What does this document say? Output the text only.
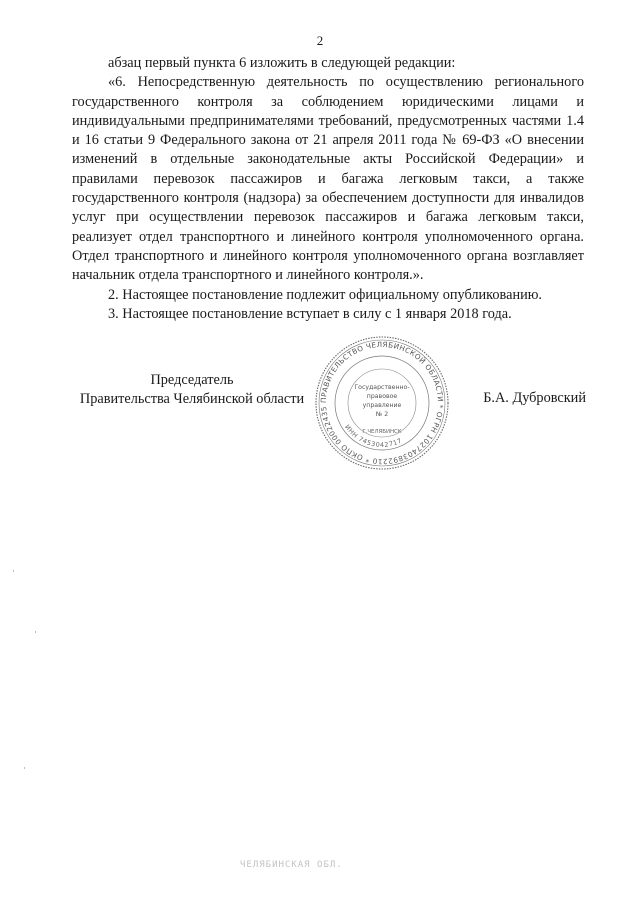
2

абзац первый пункта 6 изложить в следующей редакции:

«6. Непосредственную деятельность по осуществлению регионального государственного контроля за соблюдением юридическими лицами и индивидуальными предпринимателями требований, предусмотренных частями 1.4 и 16 статьи 9 Федерального закона от 21 апреля 2011 года № 69-ФЗ «О внесении изменений в отдельные законодательные акты Российской Федерации» и правилами перевозок пассажиров и багажа легковым такси, а также государственного контроля (надзора) за обеспечением доступности для инвалидов услуг при осуществлении перевозок пассажиров и багажа легковым такси, реализует отдел транспортного и линейного контроля уполномоченного органа. Отдел транспортного и линейного контроля уполномоченного органа возглавляет начальник отдела транспортного и линейного контроля.».

2. Настоящее постановление подлежит официальному опубликованию.

3. Настоящее постановление вступает в силу с 1 января 2018 года.

Председатель
Правительства Челябинской области	Б.А. Дубровский
ПРАВИТЕЛЬСТВО ЧЕЛЯБИНСКОЙ ОБЛАСТИ * ОГРН 1027403892210 * ОКПО 00022435
ИНН 7453042717
Государственно-
правовое
управление
№ 2
Г.ЧЕЛЯБИНСК
ЧЕЛЯБИНСКАЯ ОБЛ.
